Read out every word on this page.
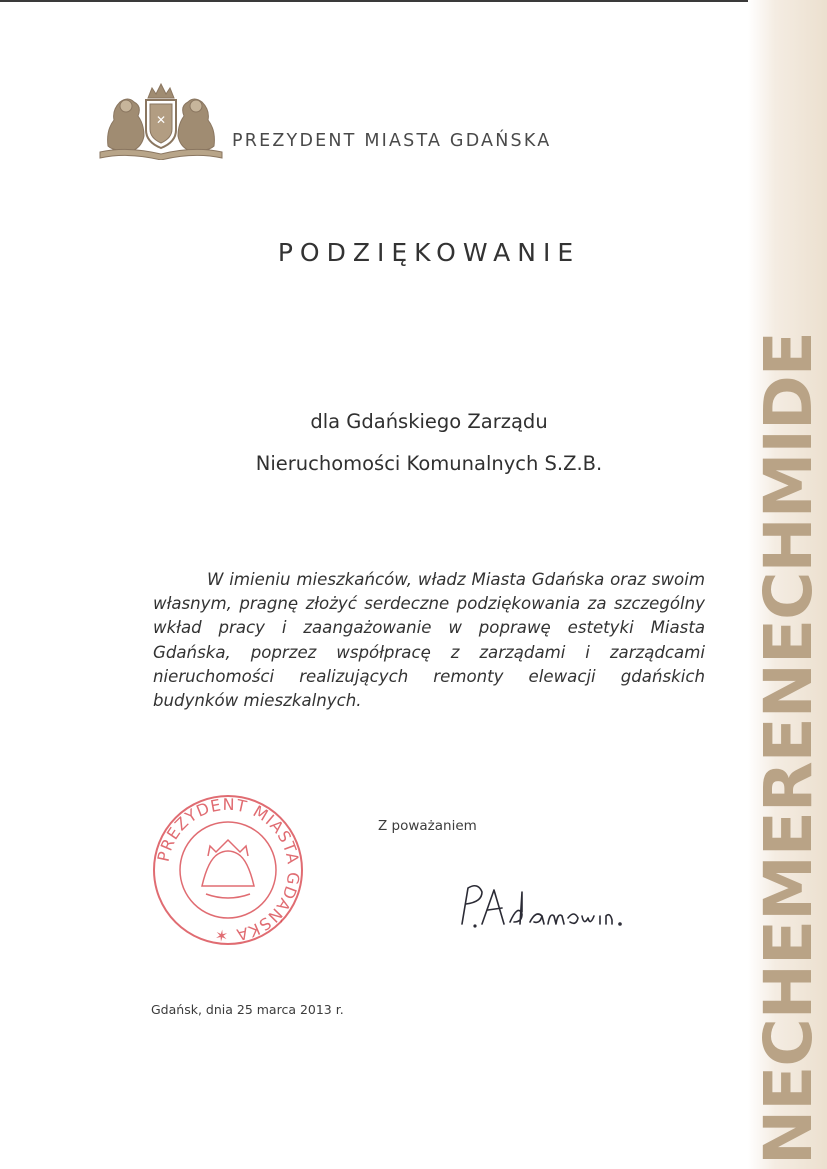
✕
PREZYDENT MIASTA GDAŃSKA
PODZIĘKOWANIE
dla Gdańskiego Zarządu
Nieruchomości Komunalnych S.Z.B.
W imieniu mieszkańców, władz Miasta Gdańska oraz swoim własnym, pragnę złożyć serdeczne podziękowania za szczególny wkład pracy i zaangażowanie w poprawę estetyki Miasta Gdańska, poprzez współpracę z zarządami i zarządcami nieruchomości realizujących remonty elewacji gdańskich budynków mieszkalnych.
Z poważaniem
PREZYDENT MIASTA GDAŃSKA ✶
Gdańsk, dnia 25 marca 2013 r.	NECHEMERENECHMIDE
